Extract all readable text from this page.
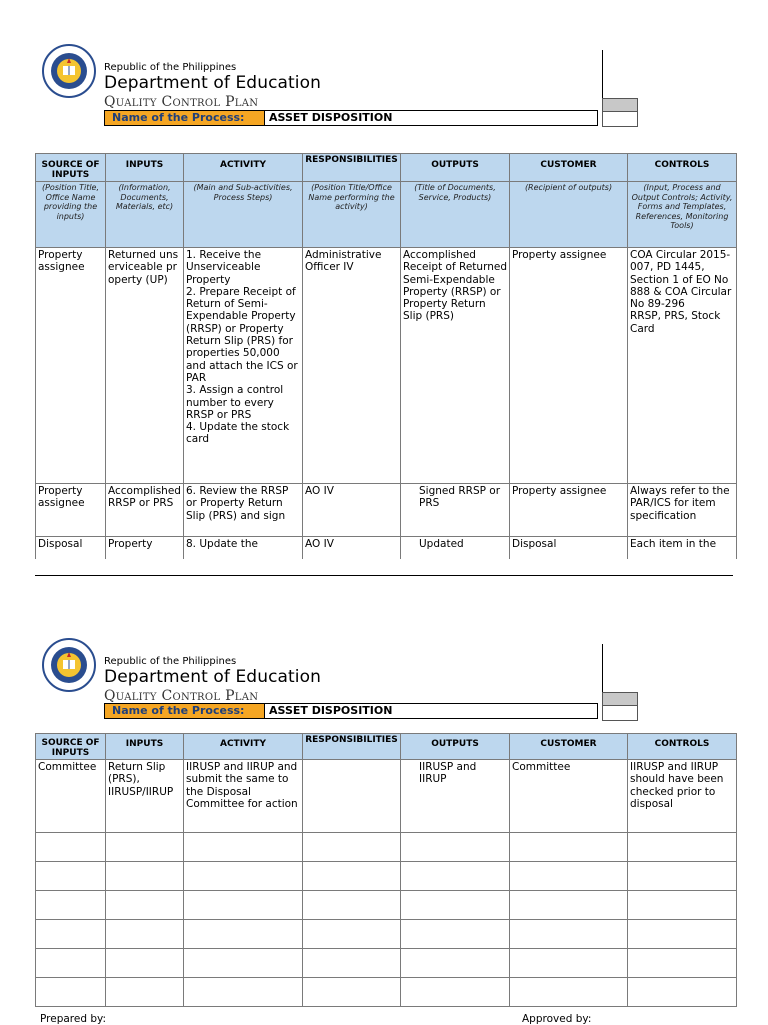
Republic of the Philippines
Department of Education
Quality Control Plan
Name of the Process:	ASSET DISPOSITION
SOURCE OF INPUTS	INPUTS	ACTIVITY	RESPONSIBILITIES	OUTPUTS	CUSTOMER	CONTROLS
(Position Title, Office Name providing the inputs)	(Information, Documents, Materials, etc)	(Main and Sub-activities, Process Steps)	(Position Title/Office Name performing the activity)	(Title of Documents, Service, Products)	(Recipient of outputs)	(Input, Process and Output Controls; Activity, Forms and Templates, References, Monitoring Tools)
Property assignee	Returned unserviceable property (UP)	1. Receive the Unserviceable Property
2. Prepare Receipt of Return of Semi-Expendable Property (RRSP) or Property Return Slip (PRS) for properties 50,000 and attach the ICS or PAR
3. Assign a control number to every RRSP or PRS
4. Update the stock card	Administrative Officer IV	Accomplished Receipt of Returned Semi-Expendable Property (RRSP) or Property Return Slip (PRS)	Property assignee	COA Circular 2015-007, PD 1445, Section 1 of EO No 888 & COA Circular No 89-296
RRSP, PRS, Stock Card
Property assignee	Accomplished RRSP or PRS	6. Review the RRSP or Property Return Slip (PRS) and sign	AO IV	Signed RRSP or PRS	Property assignee	Always refer to the PAR/ICS for item specification
Disposal	Property	8. Update the	AO IV	Updated	Disposal	Each item in the
Republic of the Philippines
Department of Education
Quality Control Plan
Name of the Process:	ASSET DISPOSITION
SOURCE OF INPUTS	INPUTS	ACTIVITY	RESPONSIBILITIES	OUTPUTS	CUSTOMER	CONTROLS
Committee	Return Slip (PRS), IIRUSP/IIRUP	IIRUSP and IIRUP and submit the same to the Disposal Committee for action		IIRUSP and IIRUP	Committee	IIRUSP and IIRUP should have been checked prior to disposal

Prepared by:	Approved by:
